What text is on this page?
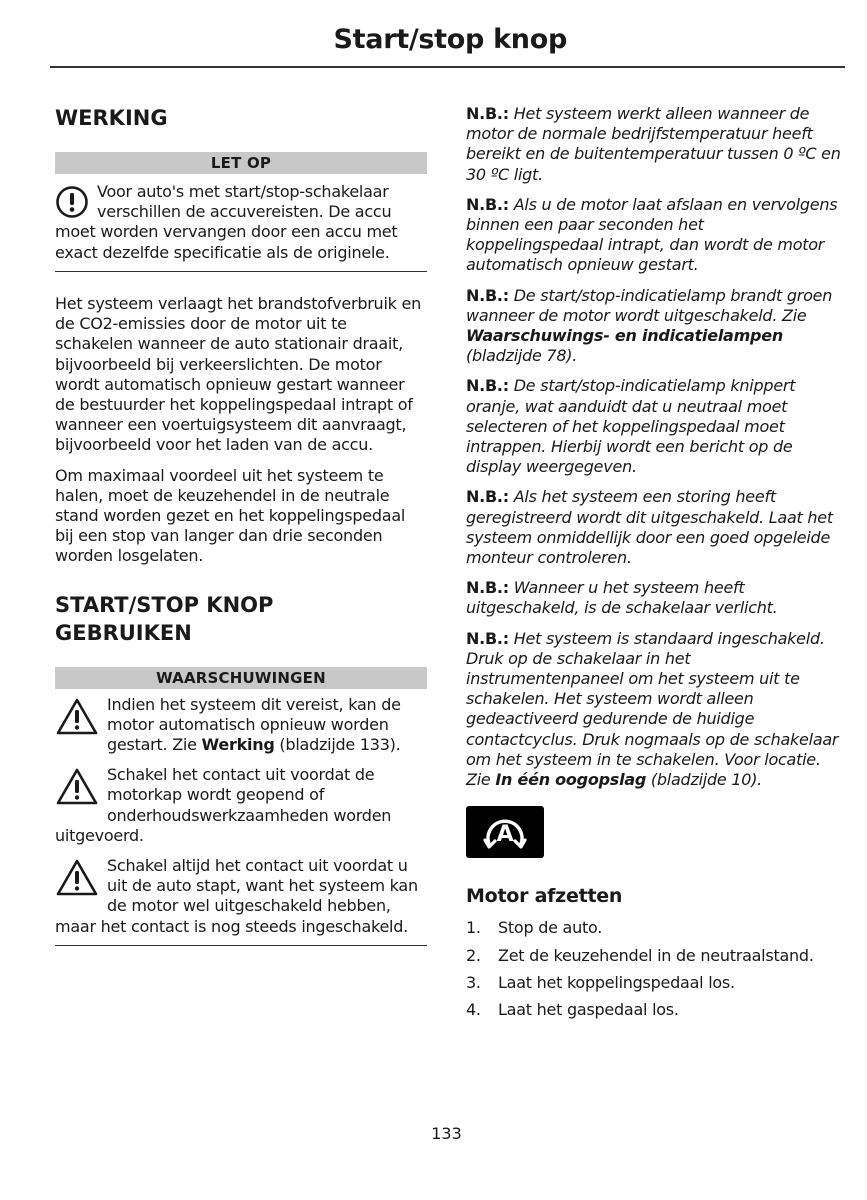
Start/stop knop
WERKING
LET OP

Voor auto's met start/stop-schakelaar verschillen de accuvereisten. De accu moet worden vervangen door een accu met exact dezelfde specificatie als de originele.

Het systeem verlaagt het brandstofverbruik en de CO2-emissies door de motor uit te schakelen wanneer de auto stationair draait, bijvoorbeeld bij verkeerslichten. De motor wordt automatisch opnieuw gestart wanneer de bestuurder het koppelingspedaal intrapt of wanneer een voertuigsysteem dit aanvraagt, bijvoorbeeld voor het laden van de accu.

Om maximaal voordeel uit het systeem te halen, moet de keuzehendel in de neutrale stand worden gezet en het koppelingspedaal bij een stop van langer dan drie seconden worden losgelaten.

START/STOP KNOP
GEBRUIKEN
WAARSCHUWINGEN

Indien het systeem dit vereist, kan de motor automatisch opnieuw worden gestart. Zie Werking (bladzijde 133).

Schakel het contact uit voordat de motorkap wordt geopend of onderhoudswerkzaamheden worden uitgevoerd.

Schakel altijd het contact uit voordat u uit de auto stapt, want het systeem kan de motor wel uitgeschakeld hebben, maar het contact is nog steeds ingeschakeld.

N.B.: Het systeem werkt alleen wanneer de motor de normale bedrijfstemperatuur heeft bereikt en de buitentemperatuur tussen 0 ºC en 30 ºC ligt.

N.B.: Als u de motor laat afslaan en vervolgens binnen een paar seconden het koppelingspedaal intrapt, dan wordt de motor automatisch opnieuw gestart.

N.B.: De start/stop-indicatielamp brandt groen wanneer de motor wordt uitgeschakeld. Zie Waarschuwings- en indicatielampen (bladzijde 78).

N.B.: De start/stop-indicatielamp knippert oranje, wat aanduidt dat u neutraal moet selecteren of het koppelingspedaal moet intrappen. Hierbij wordt een bericht op de display weergegeven.

N.B.: Als het systeem een storing heeft geregistreerd wordt dit uitgeschakeld. Laat het systeem onmiddellijk door een goed opgeleide monteur controleren.

N.B.: Wanneer u het systeem heeft uitgeschakeld, is de schakelaar verlicht.

N.B.: Het systeem is standaard ingeschakeld. Druk op de schakelaar in het instrumentenpaneel om het systeem uit te schakelen. Het systeem wordt alleen gedeactiveerd gedurende de huidige contactcyclus. Druk nogmaals op de schakelaar om het systeem in te schakelen. Voor locatie. Zie In één oogopslag (bladzijde 10).

A
Motor afzetten
1.	Stop de auto.
2.	Zet de keuzehendel in de neutraalstand.
3.	Laat het koppelingspedaal los.
4.	Laat het gaspedaal los.
133
